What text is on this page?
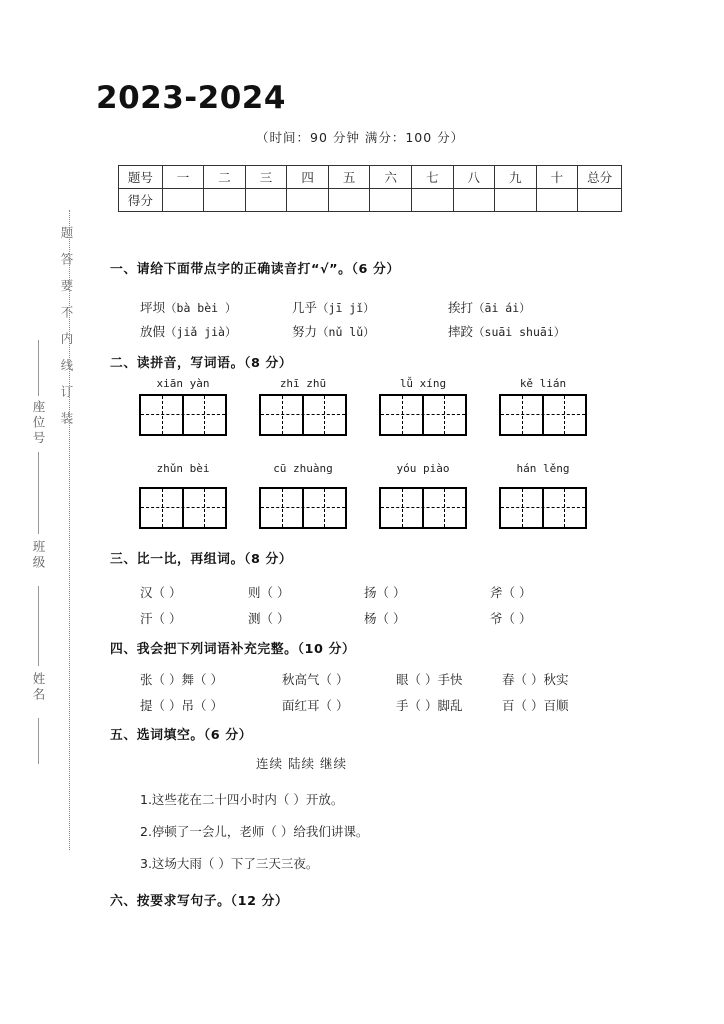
题答要不内线订装
座位号
班级
姓名
2023-2024
（时间：90 分钟 满分：100 分）
题号	一	二	三	四	五	六	七	八	九	十	总分
得分											
一、请给下面带点字的正确读音打“√”。（6 分）
坪坝（bà bèi ）	几乎（jī jǐ）	挨打（āi ái）
放假（jiǎ jià）	努力（nǔ lǔ）	摔跤（suāi shuāi）
二、读拼音，写词语。（8 分）
xiān yàn	zhī zhū	lǚ xíng	kě lián
zhǔn bèi	cū zhuàng	yóu piào	hán lěng
三、比一比，再组词。（8 分）
汉（ ）	则（ ）	扬（ ）	斧（ ）
汗（ ）	测（ ）	杨（ ）	爷（ ）
四、我会把下列词语补充完整。（10 分）
张（ ）舞（ ）	秋高气（ ）	眼（ ）手快	春（ ）秋实
提（ ）吊（ ）	面红耳（ ）	手（ ）脚乱	百（ ）百顺
五、选词填空。（6 分）
连续 陆续 继续
1.这些花在二十四小时内（ ）开放。
2.停顿了一会儿，老师（ ）给我们讲课。
3.这场大雨（ ）下了三天三夜。
六、按要求写句子。（12 分）
